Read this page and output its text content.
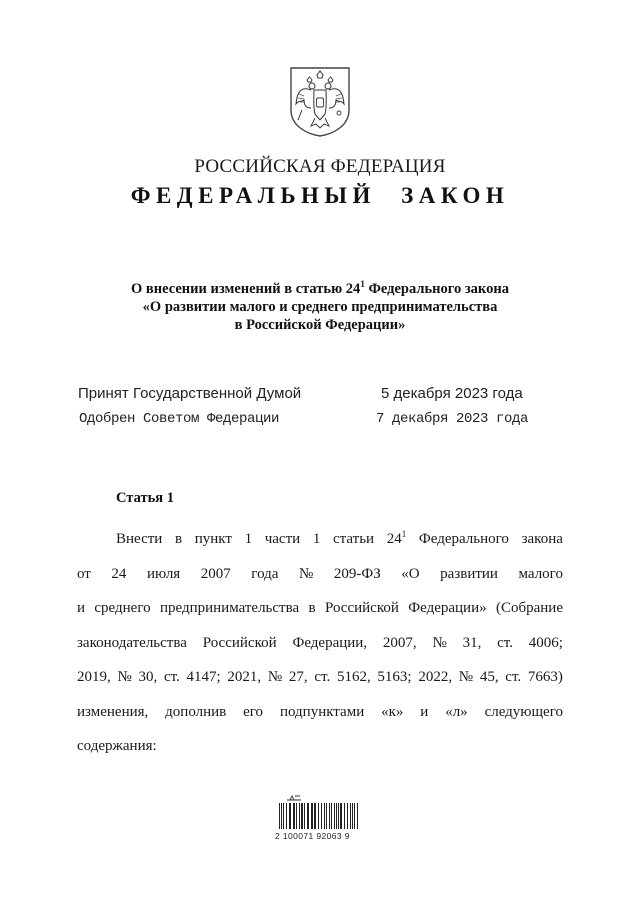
РОССИЙСКАЯ ФЕДЕРАЦИЯ
ФЕДЕРАЛЬНЫЙ ЗАКОН
О внесении изменений в статью $24^1$ Федерального закона
«О развитии малого и среднего предпринимательства
в Российской Федерации»
Принят Государственной Думой	5 декабря 2023 года
Одобрен Советом Федерации	7 декабря 2023 года
Статья 1
Внести в пункт 1 части 1 статьи $24^1$ Федерального закона
от 24 июля 2007 года № 209-ФЗ «О развитии малого
и среднего предпринимательства в Российской Федерации» (Собрание
законодательства Российской Федерации, 2007, № 31, ст. 4006;
2019, № 30, ст. 4147; 2021, № 27, ст. 5162, 5163; 2022, № 45, ст. 7663)
изменения, дополнив его подпунктами «к» и «л» следующего
содержания:
2 100071 92063 9
